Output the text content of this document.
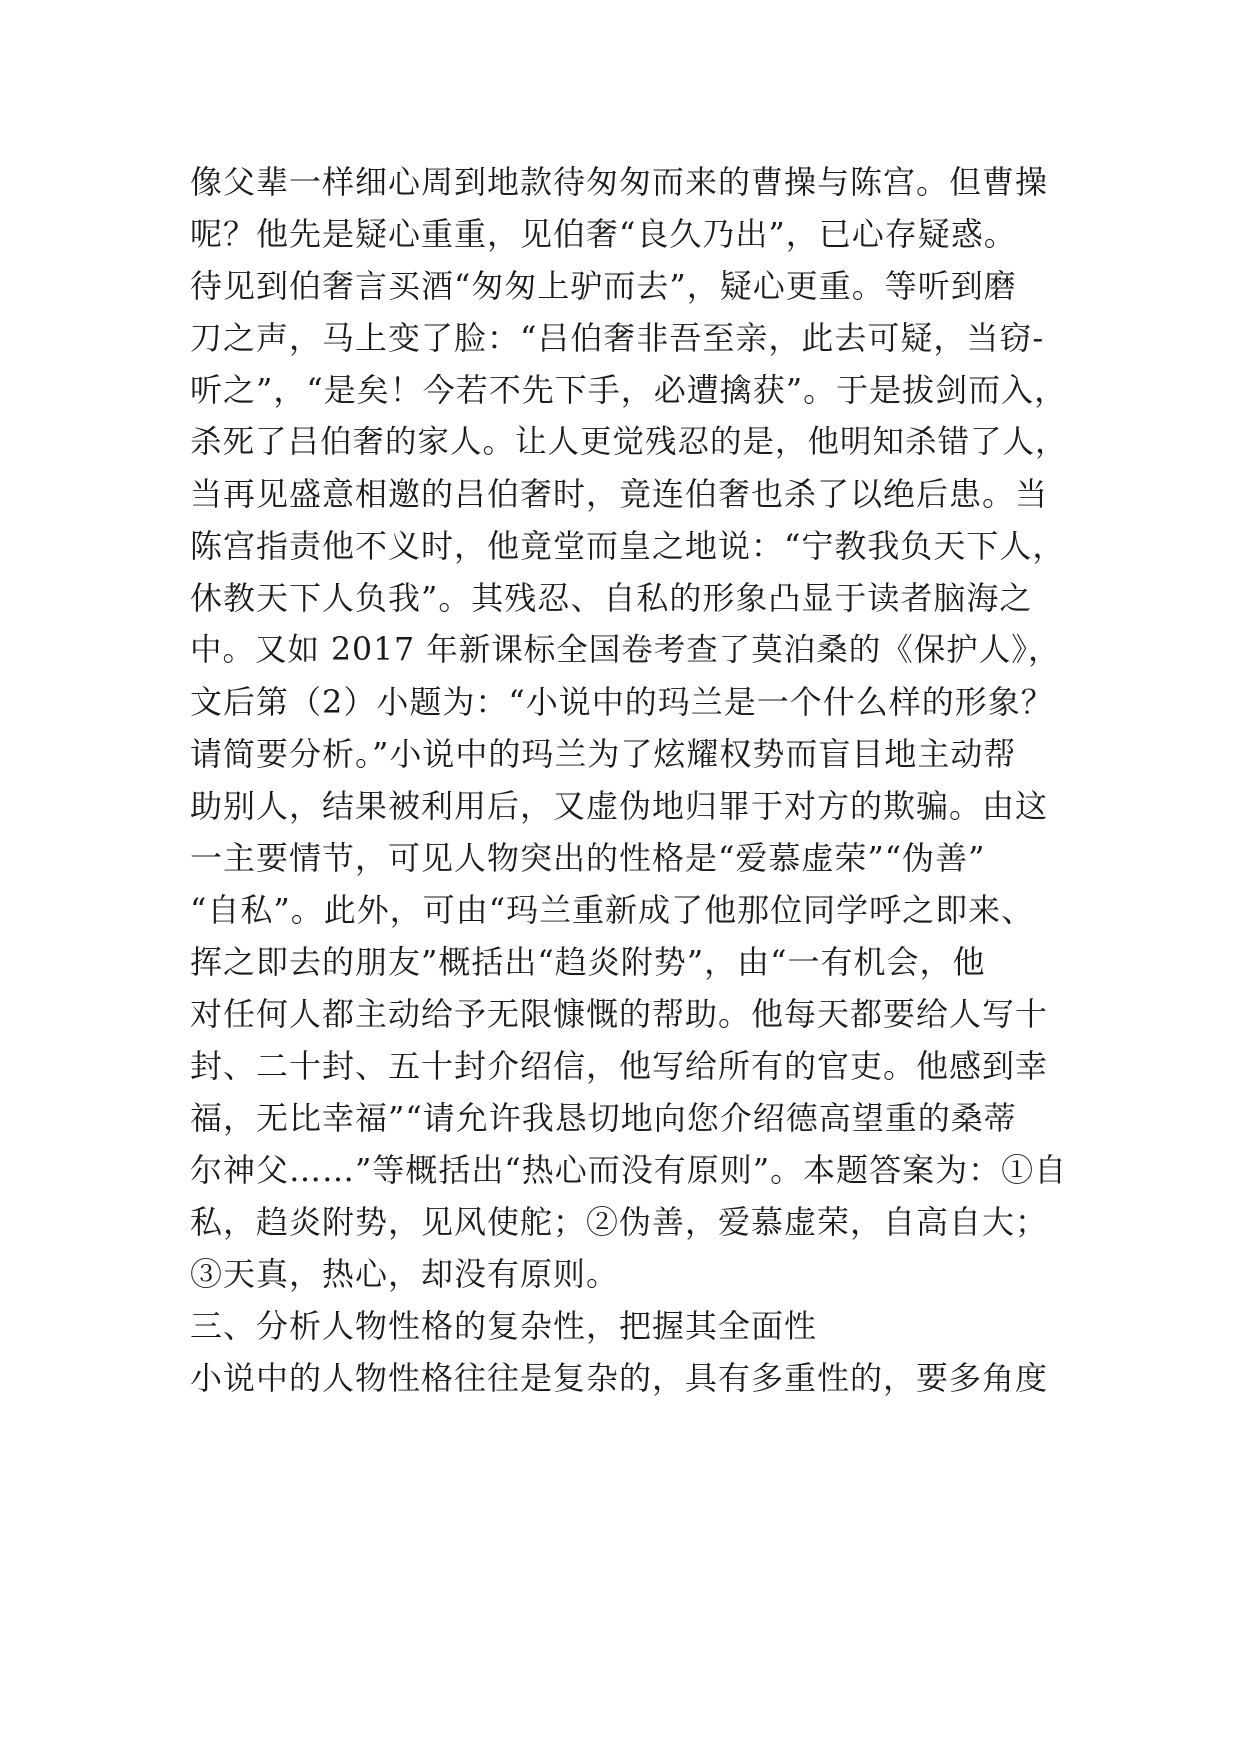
像父辈一样细心周到地款待匆匆而来的曹操与陈宫。但曹操
呢？他先是疑心重重，见伯奢“良久乃出”，已心存疑惑。
待见到伯奢言买酒“匆匆上驴而去”，疑心更重。等听到磨
刀之声，马上变了脸：“吕伯奢非吾至亲，此去可疑，当窃-
听之”，“是矣！今若不先下手，必遭擒获”。于是拔剑而入，
杀死了吕伯奢的家人。让人更觉残忍的是，他明知杀错了人，
当再见盛意相邀的吕伯奢时，竟连伯奢也杀了以绝后患。当
陈宫指责他不义时，他竟堂而皇之地说：“宁教我负天下人，
休教天下人负我”。其残忍、自私的形象凸显于读者脑海之
中。又如 2017 年新课标全国卷考查了莫泊桑的《保护人》，
文后第（2）小题为：“小说中的玛兰是一个什么样的形象？
请简要分析。”小说中的玛兰为了炫耀权势而盲目地主动帮
助别人，结果被利用后，又虚伪地归罪于对方的欺骗。由这
一主要情节，可见人物突出的性格是“爱慕虚荣”“伪善”
“自私”。此外，可由“玛兰重新成了他那位同学呼之即来、
挥之即去的朋友”概括出“趋炎附势”，由“一有机会，他
对任何人都主动给予无限慷慨的帮助。他每天都要给人写十
封、二十封、五十封介绍信，他写给所有的官吏。他感到幸
福，无比幸福”“请允许我恳切地向您介绍德高望重的桑蒂
尔神父……”等概括出“热心而没有原则”。本题答案为：①自
私，趋炎附势，见风使舵；②伪善，爱慕虚荣，自高自大；
③天真，热心，却没有原则。
三、分析人物性格的复杂性，把握其全面性
小说中的人物性格往往是复杂的，具有多重性的，要多角度
